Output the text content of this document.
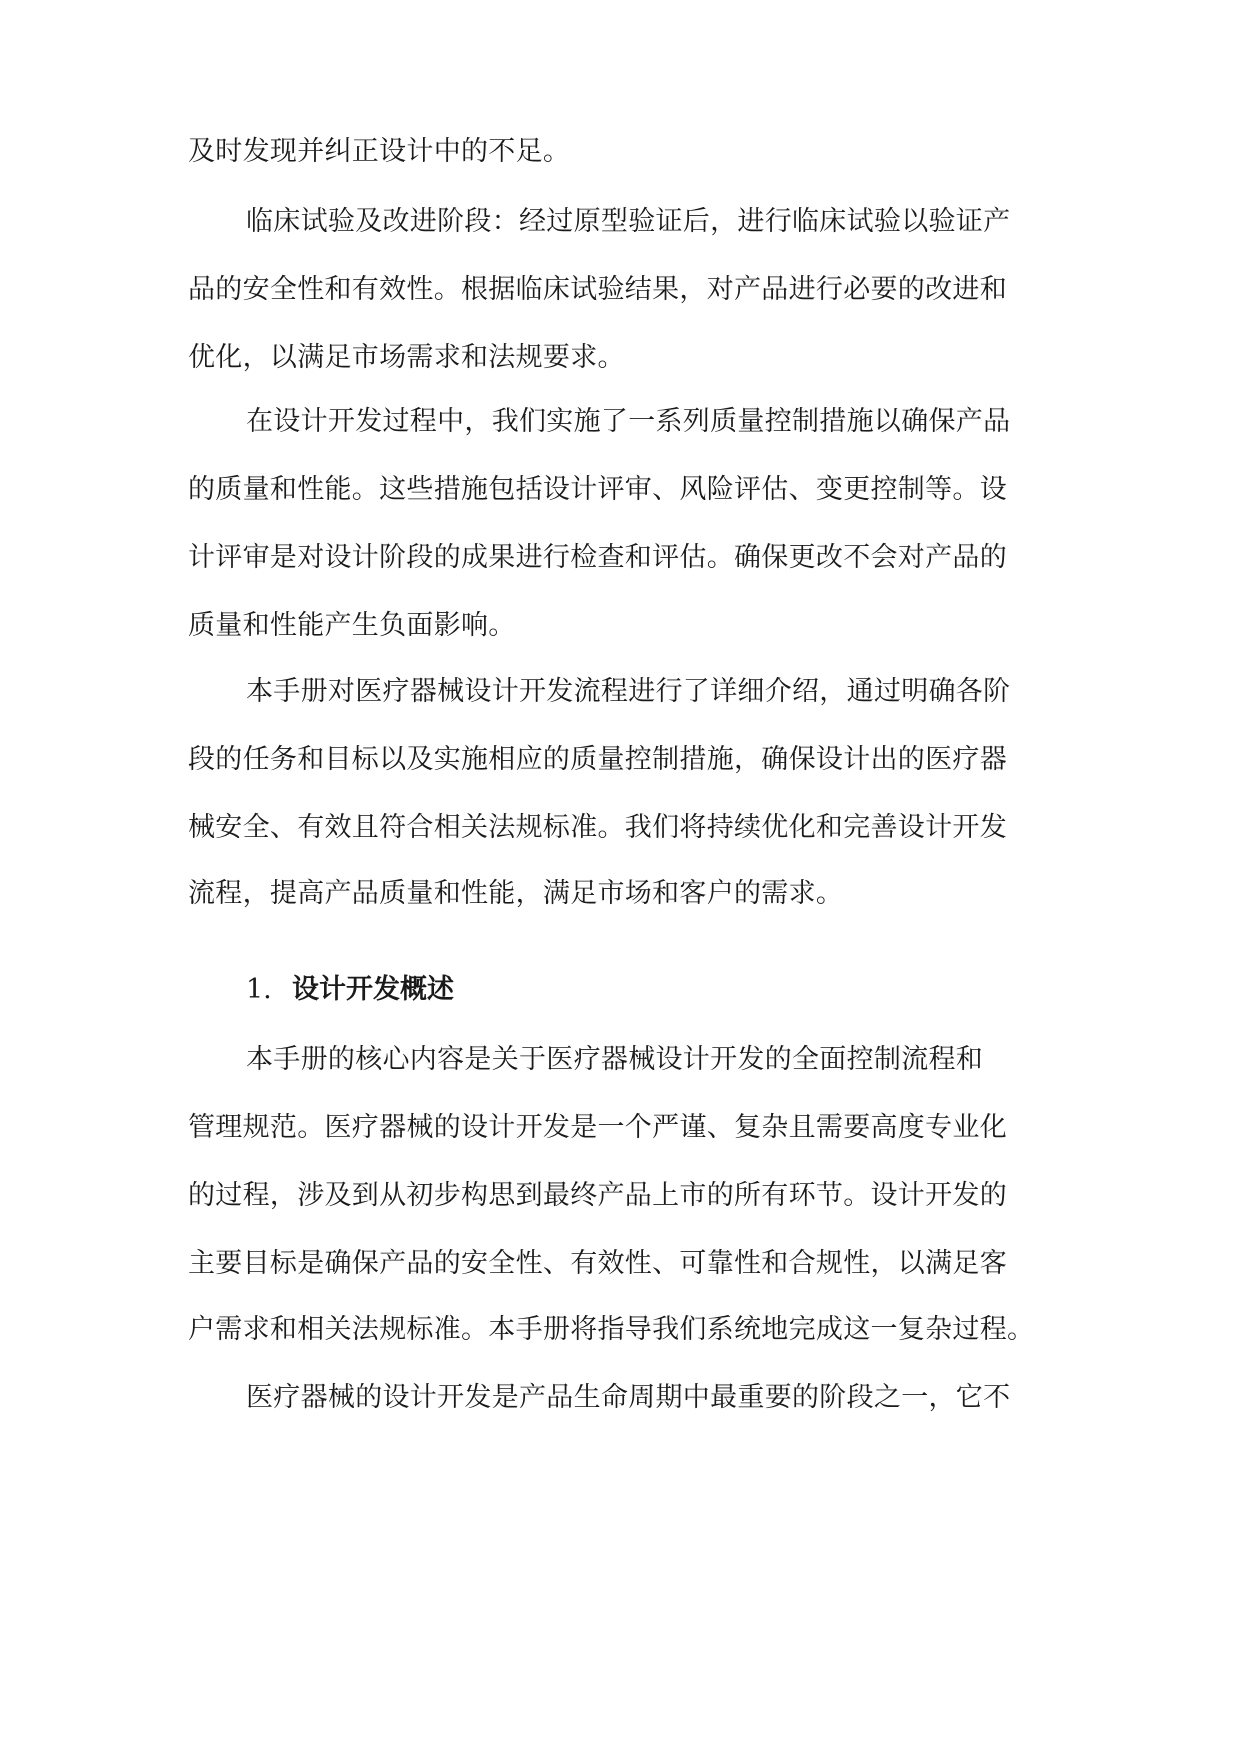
及时发现并纠正设计中的不足。
临床试验及改进阶段：经过原型验证后，进行临床试验以验证产
品的安全性和有效性。根据临床试验结果，对产品进行必要的改进和
优化，以满足市场需求和法规要求。
在设计开发过程中，我们实施了一系列质量控制措施以确保产品
的质量和性能。这些措施包括设计评审、风险评估、变更控制等。设
计评审是对设计阶段的成果进行检查和评估。确保更改不会对产品的
质量和性能产生负面影响。
本手册对医疗器械设计开发流程进行了详细介绍，通过明确各阶
段的任务和目标以及实施相应的质量控制措施，确保设计出的医疗器
械安全、有效且符合相关法规标准。我们将持续优化和完善设计开发
流程，提高产品质量和性能，满足市场和客户的需求。
1. 设计开发概述
本手册的核心内容是关于医疗器械设计开发的全面控制流程和
管理规范。医疗器械的设计开发是一个严谨、复杂且需要高度专业化
的过程，涉及到从初步构思到最终产品上市的所有环节。设计开发的
主要目标是确保产品的安全性、有效性、可靠性和合规性，以满足客
户需求和相关法规标准。本手册将指导我们系统地完成这一复杂过程。
医疗器械的设计开发是产品生命周期中最重要的阶段之一，它不
